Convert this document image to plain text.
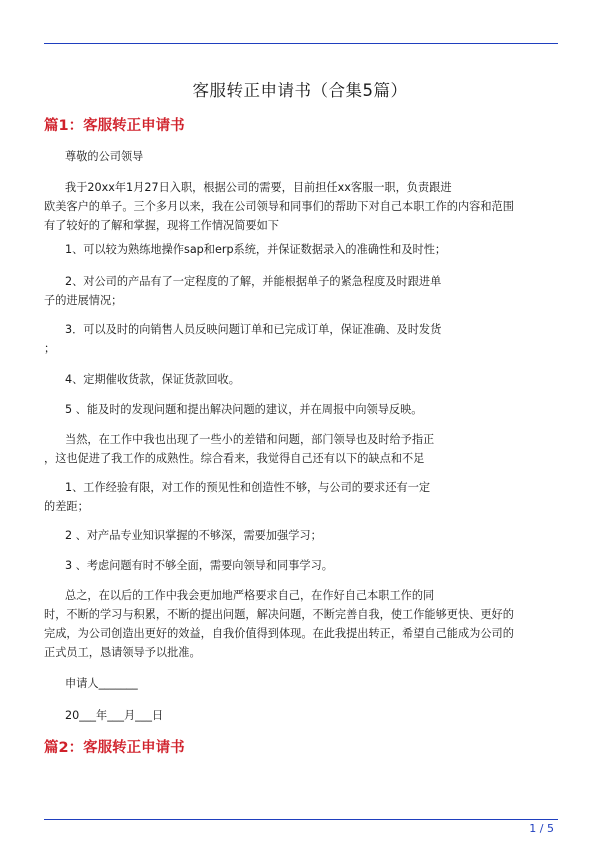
客服转正申请书（合集5篇）
篇1：客服转正申请书
尊敬的公司领导
我于20xx年1月27日入职，根据公司的需要，目前担任xx客服一职，负责跟进
欧美客户的单子。三个多月以来，我在公司领导和同事们的帮助下对自己本职工作的内容和范围
有了较好的了解和掌握，现将工作情况简要如下
1、可以较为熟练地操作sap和erp系统，并保证数据录入的准确性和及时性；
2、对公司的产品有了一定程度的了解，并能根据单子的紧急程度及时跟进单
子的进展情况；
3．可以及时的向销售人员反映问题订单和已完成订单，保证准确、及时发货
；
4、定期催收货款，保证货款回收。
5 、能及时的发现问题和提出解决问题的建议，并在周报中向领导反映。
当然，在工作中我也出现了一些小的差错和问题，部门领导也及时给予指正
，这也促进了我工作的成熟性。综合看来，我觉得自己还有以下的缺点和不足
1、工作经验有限，对工作的预见性和创造性不够，与公司的要求还有一定
的差距；
2 、对产品专业知识掌握的不够深，需要加强学习；
3 、考虑问题有时不够全面，需要向领导和同事学习。
总之，在以后的工作中我会更加地严格要求自己，在作好自己本职工作的同
时，不断的学习与积累，不断的提出问题，解决问题，不断完善自我，使工作能够更快、更好的
完成，为公司创造出更好的效益，自我价值得到体现。在此我提出转正，希望自己能成为公司的
正式员工，恳请领导予以批准。
申请人_______
20___年___月___日
篇2：客服转正申请书
1 / 5
